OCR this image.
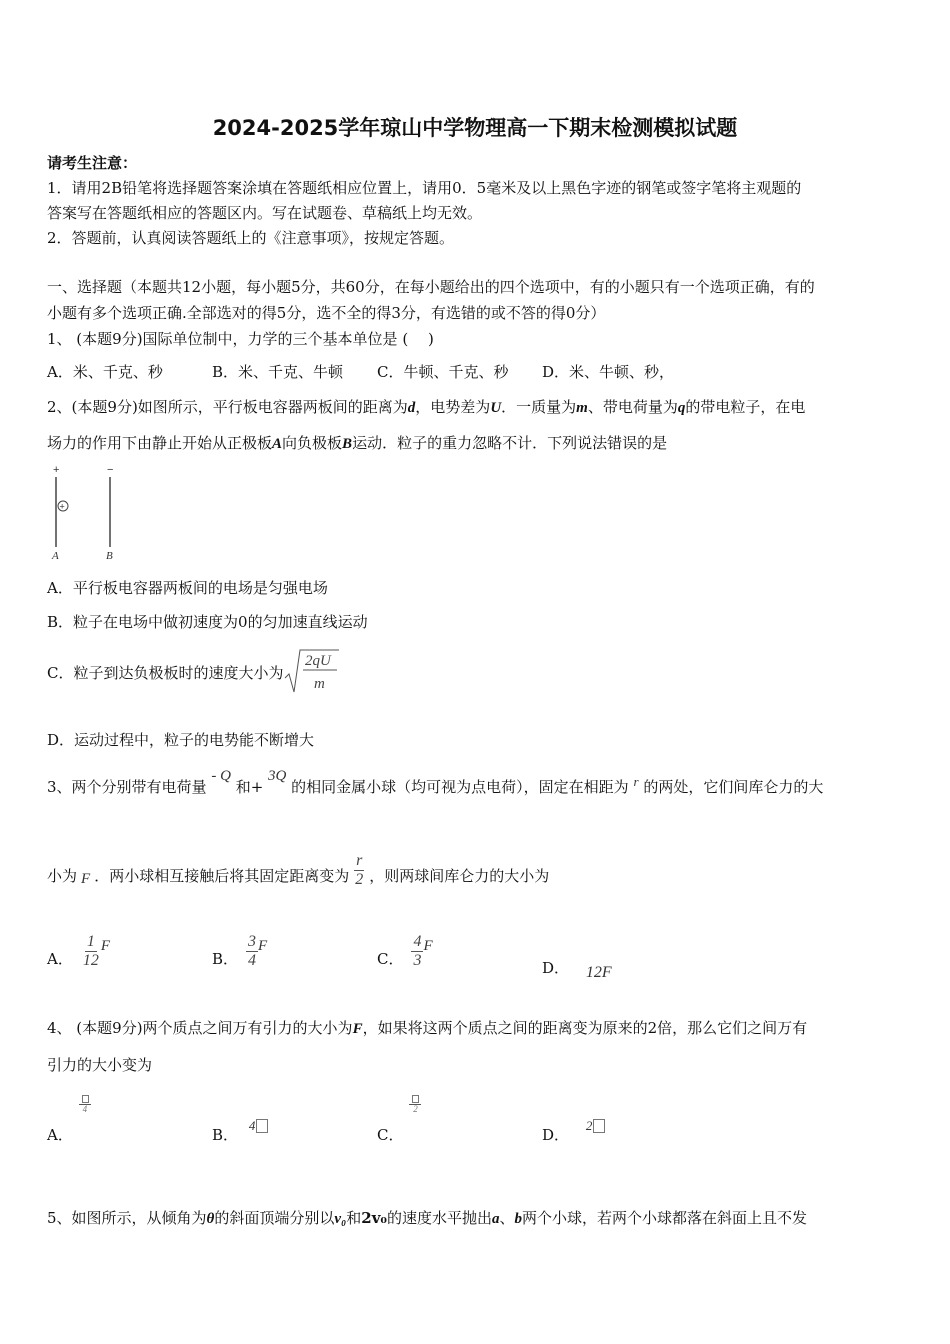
2024-2025学年琼山中学物理高一下期末检测模拟试题
请考生注意：
1．请用2B铅笔将选择题答案涂填在答题纸相应位置上，请用0．5毫米及以上黑色字迹的钢笔或签字笔将主观题的
答案写在答题纸相应的答题区内。写在试题卷、草稿纸上均无效。
2．答题前，认真阅读答题纸上的《注意事项》，按规定答题。
一、选择题（本题共12小题，每小题5分，共60分，在每小题给出的四个选项中，有的小题只有一个选项正确，有的
小题有多个选项正确.全部选对的得5分，选不全的得3分，有选错的或不答的得0分）
1、 (本题9分)国际单位制中，力学的三个基本单位是 (　 )
A．米、千克、秒	B．米、千克、牛顿 C．牛顿、千克、秒 D．米、牛顿、秒，
2、(本题9分)如图所示，平行板电容器两板间的距离为d，电势差为U．一质量为m、带电荷量为q的带电粒子，在电
场力的作用下由静止开始从正极板A向负极板B运动．粒子的重力忽略不计．下列说法错误的是
+	−
+
A	B
A．平行板电容器两板间的电场是匀强电场
B．粒子在电场中做初速度为0的匀加速直线运动
C．粒子到达负极板时的速度大小为
2qU
m
D．运动过程中，粒子的电势能不断增大
3、两个分别带有电荷量 - Q 和+ 3Q 的相同金属小球（均可视为点电荷），固定在相距为 r 的两处，它们间库仑力的大
小为 F ．两小球相互接触后将其固定距离变为 $\frac{r}{2}$ ，则两球间库仑力的大小为
A． $\frac{1}{12}$ F
B． $\frac{3}{4}$ F
C． $\frac{4}{3}$ F
D． 12F
4、 (本题9分)两个质点之间万有引力的大小为F，如果将这两个质点之间的距离变为原来的2倍，那么它们之间万有
引力的大小变为
A．
4
B． 4
C．
2
D． 2
5、如图所示，从倾角为θ的斜面顶端分别以v₀和2v₀的速度水平抛出a、b两个小球，若两个小球都落在斜面上且不发
